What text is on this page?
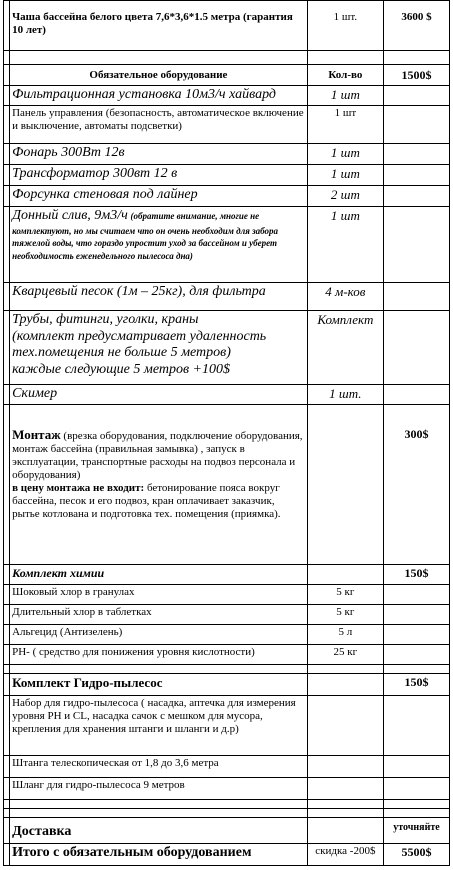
	Чаша бассейна белого цвета 7,6*3,6*1.5 метра (гарантия 10 лет)	1 шт.	3600 $

	Обязательное оборудование	Кол-во	1500$
	Фильтрационная установка 10м3/ч хайвард	1 шт	
	Панель управления (безопасность, автоматическое включение и выключение, автоматы подсветки)	1 шт	
	Фонарь 300Вт 12в	1 шт	
	Трансформатор 300вт 12 в	1 шт	
	Форсунка стеновая под лайнер	2 шт	
	Донный слив, 9м3/ч (обратите внимание, многие не комплектуют, но мы считаем что он очень необходим для забора тяжелой воды, что гораздо упростит уход за бассейном и уберет необходимость еженедельного пылесоса дна)	1 шт	
	Кварцевый песок (1м – 25кг), для фильтра	4 м-ков	

	Трубы, фитинги, уголки, краны
(комплект предусматривает удаленность тех.помещения не больше 5 метров)
каждые следующие 5 метров +100$	Комплект	
	Скимер	1 шт.	
	Монтаж (врезка оборудования, подключение оборудования, монтаж бассейна (правильная замывка) , запуск в эксплуатации, транспортные расходы на подвоз персонала и оборудования)
в цену монтажа не входит: бетонирование пояса вокруг бассейна, песок и его подвоз, кран оплачивает заказчик, рытье котлована и подготовка тех. помещения (приямка).		300$
	Комплект химии		150$
	Шоковый хлор в гранулах	5 кг	
	Длительный хлор в таблетках	5 кг	
	Альгецид (Антизелень)	5 л	
	РН- ( средство для понижения уровня кислотности)	25 кг	

	Комплект Гидро-пылесос		150$
	Набор для гидро-пылесоса ( насадка, аптечка для измерения уровня РН и CL, насадка сачок с мешком для мусора, крепления для хранения штанги и шланги и д.р)		
	Штанга телескопическая от 1,8 до 3,6 метра		
	Шланг для гидро-пылесоса 9 метров		

	Доставка		уточняйте
	Итого с обязательным оборудованием	скидка -200$	5500$
